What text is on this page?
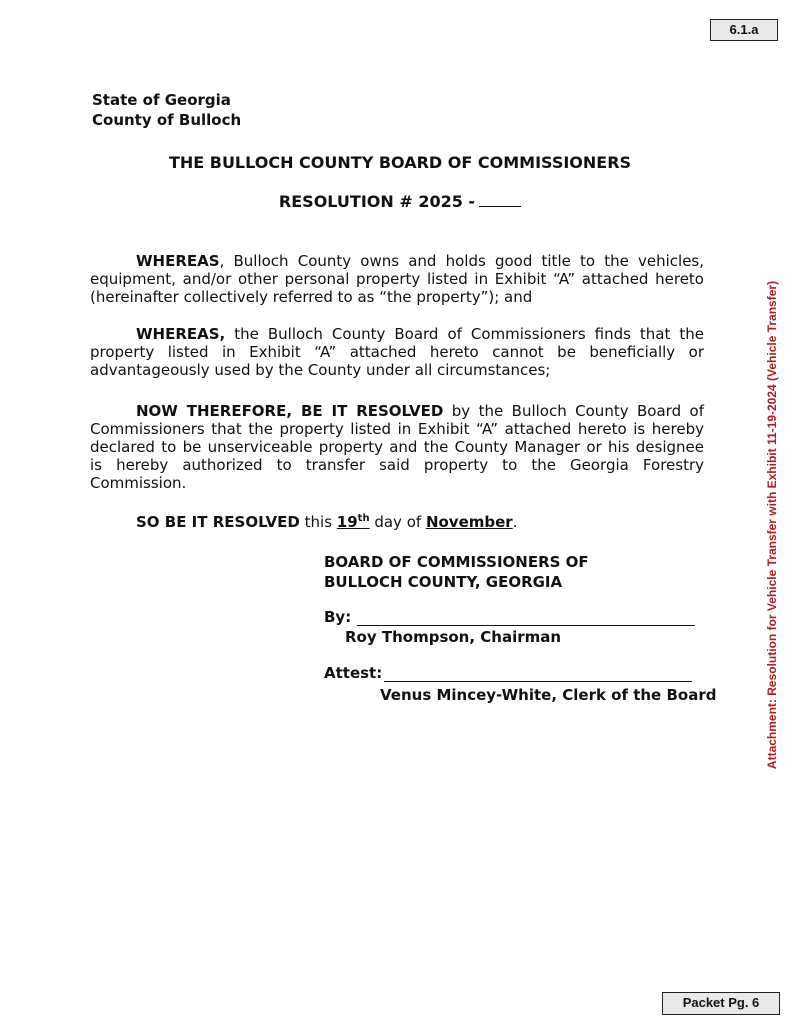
6.1.a
Attachment: Resolution for Vehicle Transfer with Exhibit 11-19-2024 (Vehicle Transfer)
State of Georgia
County of Bulloch
THE BULLOCH COUNTY BOARD OF COMMISSIONERS
RESOLUTION # 2025 -
WHEREAS, Bulloch County owns and holds good title to the vehicles, equipment, and/or other personal property listed in Exhibit “A” attached hereto (hereinafter collectively referred to as “the property”); and
WHEREAS, the Bulloch County Board of Commissioners finds that the property listed in Exhibit “A” attached hereto cannot be beneficially or advantageously used by the County under all circumstances;
NOW THEREFORE, BE IT RESOLVED by the Bulloch County Board of Commissioners that the property listed in Exhibit “A” attached hereto is hereby declared to be unserviceable property and the County Manager or his designee is hereby authorized to transfer said property to the Georgia Forestry Commission.
SO BE IT RESOLVED this 19th day of November.
BOARD OF COMMISSIONERS OF
BULLOCH COUNTY, GEORGIA
By:
Roy Thompson, Chairman
Attest:
Venus Mincey-White, Clerk of the Board
Packet Pg. 6
